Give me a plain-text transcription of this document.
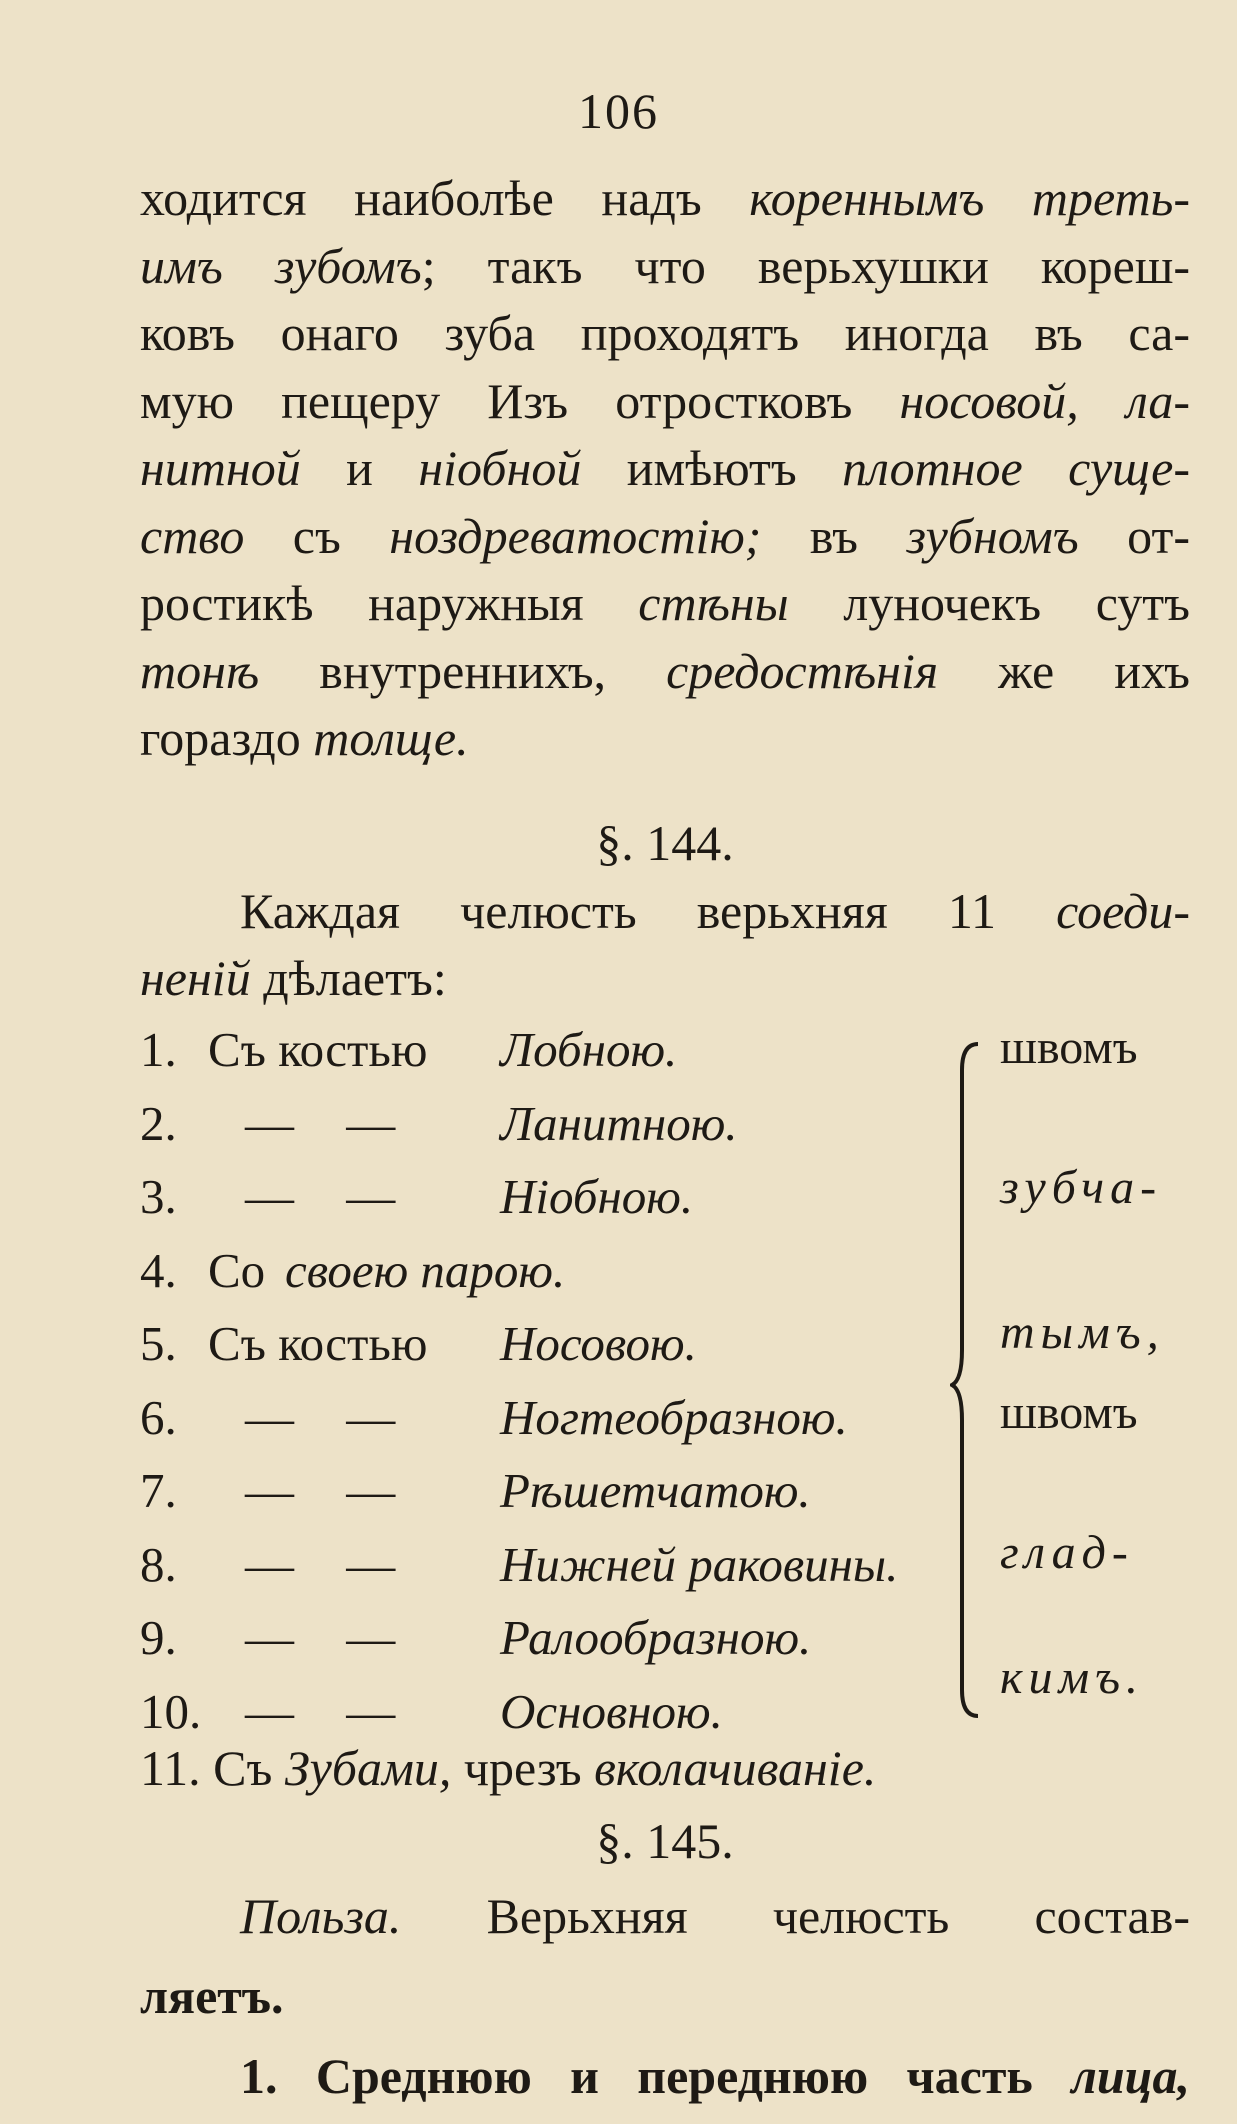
106
ходится наиболѣе надъ кореннымъ треть-
имъ зубомъ; такъ что верьхушки кореш-
ковъ онаго зуба проходятъ иногда въ са-
мую пещеру Изъ отростковъ носовой, ла-
нитной и ніобной имѣютъ плотное суще-
ство съ ноздреватостію; въ зубномъ от-
ростикѣ наружныя стѣны луночекъ сутъ
тонѣ внутреннихъ, средостѣнія же ихъ
гораздо толще.
§. 144.
Каждая челюсть верьхняя 11 соеди-
неній дѣлаетъ:
1. Съ костью Лобною.
2.	— — Ланитною.
3.	— — Ніобною.
4. Со своею парою.
5. Съ костью Носовою.
6.	— — Ногтеобразною.
7.	— — Рѣшетчатою.
8.	— — Нижней раковины.
9.	— — Ралообразною.
10. — — Основною.
швомъ
зубча-
тымъ,
швомъ
глад-
кимъ.
11. Съ Зубами, чрезъ вколачиваніе.
§. 145.
Польза. Верьхняя челюсть состав-
ляетъ.
1. Среднюю и переднюю часть лица,
